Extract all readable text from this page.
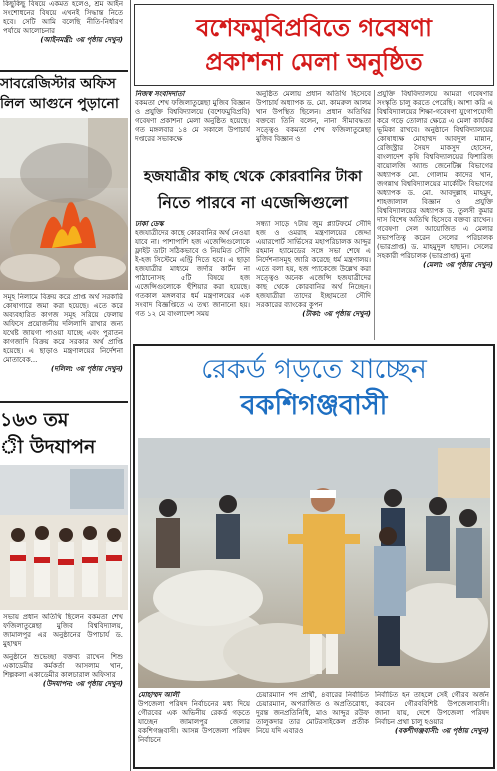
কিছুকিছু বিষয়ে একমত হলেও, শ্রম আইন সংশোধনের বিষয়ে এখনই সিদ্ধান্ত নিতে হবে। সেটি আমি বলেছি নীতি-নির্ধারণ পর্যায়ে আলোচনার
(আইনমন্ত্রী: ৩য় পৃষ্ঠায় দেখুন)
সাবরেজিস্টার অফিস
লিল আগুনে পুড়ানো
সমূহ নিলামে বিক্রয় করে প্রাপ্ত অর্থ সরকারি কোষাগারে জমা করা হয়েছে। এতে করে অব্যবহারিত কাগজ সমূহ সরিয়ে ফেলায় অফিসে প্রয়োজনীয় দলিলাদি রাখার জন্য যথেষ্ট জায়গা পাওয়া যাচ্ছে এবং পুরাতন কাগজাদি বিক্রয় করে সরকার অর্থ প্রাপ্তি হয়েছে। এ ছাড়াও মন্ত্রণালয়ের নির্দেশনা মোতাবেক...
(দলিল: ৩য় পৃষ্ঠায় দেখুন)
১৬৩ তম
ী উদযাপন
সভায় প্রধান অতিথি ছিলেন বকমতা শেখ ফজিলাতুন্নেছা মুজিব বিশ্ববিদ্যালয়, জামালপুর এর অনুষ্ঠানের উপাচার্য ড. মুহাম্মদ
অনুষ্ঠানে শুভেচ্ছা বক্তব্য রাখেন শিশু একাডেমীর কর্মকর্তা আসলাম খান, শিল্পকলা একাডেমীর কালচারাল অফিসার
(উদযাপন: ৩য় পৃষ্ঠায় দেখুন)
বশেফমুবিপ্রবিতে গবেষণা
প্রকাশনা মেলা অনুষ্ঠিত
নিজস্ব সংবাদদাতা
বকমতা শেখ ফজিলাতুন্নেছা মুজিব বিজ্ঞান ও প্রযুক্তি বিশ্ববিদ্যালয়ে (বশেফমুবিপ্রবি) গবেষণা প্রকাশনা মেলা অনুষ্ঠিত হয়েছে। গত মঙ্গলবার ১৪ মে সকালে উপাচার্য দপ্তরের সভাকক্ষে
অনুষ্ঠিত মেলায় প্রধান অতিথি হিসেবে উপাচার্য অধ্যাপক ড. মো. কামরুল আলম খান উপস্থিত ছিলেন। প্রধান অতিথির বক্তব্যে তিনি বলেন, নানা সীমাবদ্ধতা সত্ত্বেও বকমতা শেখ ফজিলাতুন্নেছা মুজিব বিজ্ঞান ও
প্রযুক্তি বিশ্ববিদ্যালয়ে আমরা গবেষণার সংস্কৃতি চালু করতে পেরেছি। আশা করি এ বিশ্ববিদ্যালয়ের শিক্ষা-গবেষণা যুগোপযোগী করে গড়ে তোলার ক্ষেত্রে এ মেলা কার্যকর ভূমিকা রাখবে। অনুষ্ঠানে বিশ্ববিদ্যালয়ের কোষাধ্যক্ষ মোহাম্মদ আবদুল মান্নান, রেজিস্ট্রার সৈয়দ মাকসুদ হোসেন, বাংলাদেশ কৃষি বিশ্ববিদ্যালয়ের ফিশারিজ বায়োলজি অ্যান্ড জেনেটিক্স বিভাগের অধ্যাপক মো. গোলাম কাদের খান, জগন্নাথ বিশ্ববিদ্যালয়ের মার্কেটিং বিভাগের অধ্যাপক ড. মো. আবদুল্লাহ মাহমুদ, শাহজালাল বিজ্ঞান ও প্রযুক্তি বিশ্ববিদ্যালয়ের অধ্যাপক ড. তুলসী কুমার দাস বিশেষ অতিথি হিসেবে বক্তব্য রাখেন। গবেষণা সেল আয়োজিত এ মেলার সভাপতিত্ব করেন সেলের পরিচালক (ভারপ্রাপ্ত) ড. মাহমুদুল হাছান। সেলের সহকারী পরিচালক (ভারপ্রাপ্ত) মুনা
(মেলা: ৩য় পৃষ্ঠায় দেখুন)
হজযাত্রীর কাছ থেকে কোরবানির টাকা
নিতে পারবে না এজেন্সিগুলো
ঢাকা ডেস্ক
হজযাত্রীদের কাছে কোরবানির অর্থ নেওয়া যাবে না। পাশাপাশি হজ এজেন্সিগুলোকে ফ্লাইট ডাটা সঠিকভাবে ও নিয়মিত সৌদি ই-হজ সিস্টেমে এন্ট্রি দিতে হবে। এ ছাড়া হজযাত্রীর মাধ্যমে জর্দার কার্টন না পাঠানোসহ ৫টি বিষয়ে হজ এজেন্সিগুলোকে হুঁশিয়ার করা হয়েছে। গতকাল মঙ্গলবার ধর্ম মন্ত্রণালয়ের এক সংবাদ বিজ্ঞপ্তিতে এ তথ্য জানানো হয়। গত ১২ মে বাংলাদেশ সময়
সন্ধ্যা সাড়ে ৭টায় জুম প্ল্যাটফর্মে সৌদি হজ ও ওমরাহ মন্ত্রণালয়ের জেদ্দা এয়ারপোর্ট সার্ভিসের মহাপরিচালক আব্দুর রহমান হ্যামেডের সঙ্গে সভা শেষে এ নির্দেশনাসমূহ জারি করেছে ধর্ম মন্ত্রণালয়। এতে বলা হয়, হজ প্যাকেজে উল্লেখ করা সত্ত্বেও অনেক এজেন্সি হজযাত্রীদের কাছ থেকে কোরবানির অর্থ নিচ্ছেন। হজযাত্রীরা তাদের ইচ্ছামতো সৌদি সরকারের ব্যাংকের কুপন
(টাকা: ৩য় পৃষ্ঠায় দেখুন)
রেকর্ড গড়তে যাচ্ছেন
বকশিগঞ্জবাসী
মোহাম্মদ আলী
উপজেলা পরিষদ নির্বাচনের মধ্য দিয়ে গৌরবের এক অভিনীয় রেকর্ড গড়তে যাচ্ছেন জামালপুর জেলার বকশিগঞ্জবাসী। আসন্ন উপজেলা পরিষদ নির্বাচনে
চেয়ারম্যান পদ প্রার্থী, ৪বারের নির্বাচিত চেয়ারম্যান, অপরাজিত ও অপ্রতিরোধ্য, দুরন্ত জনপ্রতিনিধি, মাও আব্দুর রউফ তালুকদার তার মোটরসাইকেল প্রতীক নিয়ে যদি এবারও
নির্বাচিত হন তাহলে সেই গৌরব অর্জন করবেন গৌরববিশিষ্ট উপজেলাবাসী। জানা যায়, দেশে উপজেলা পরিষদ নির্বাচন প্রথা চালু হওয়ার
(বকশীগঞ্জবাসী: ৩য় পৃষ্ঠায় দেখুন)
